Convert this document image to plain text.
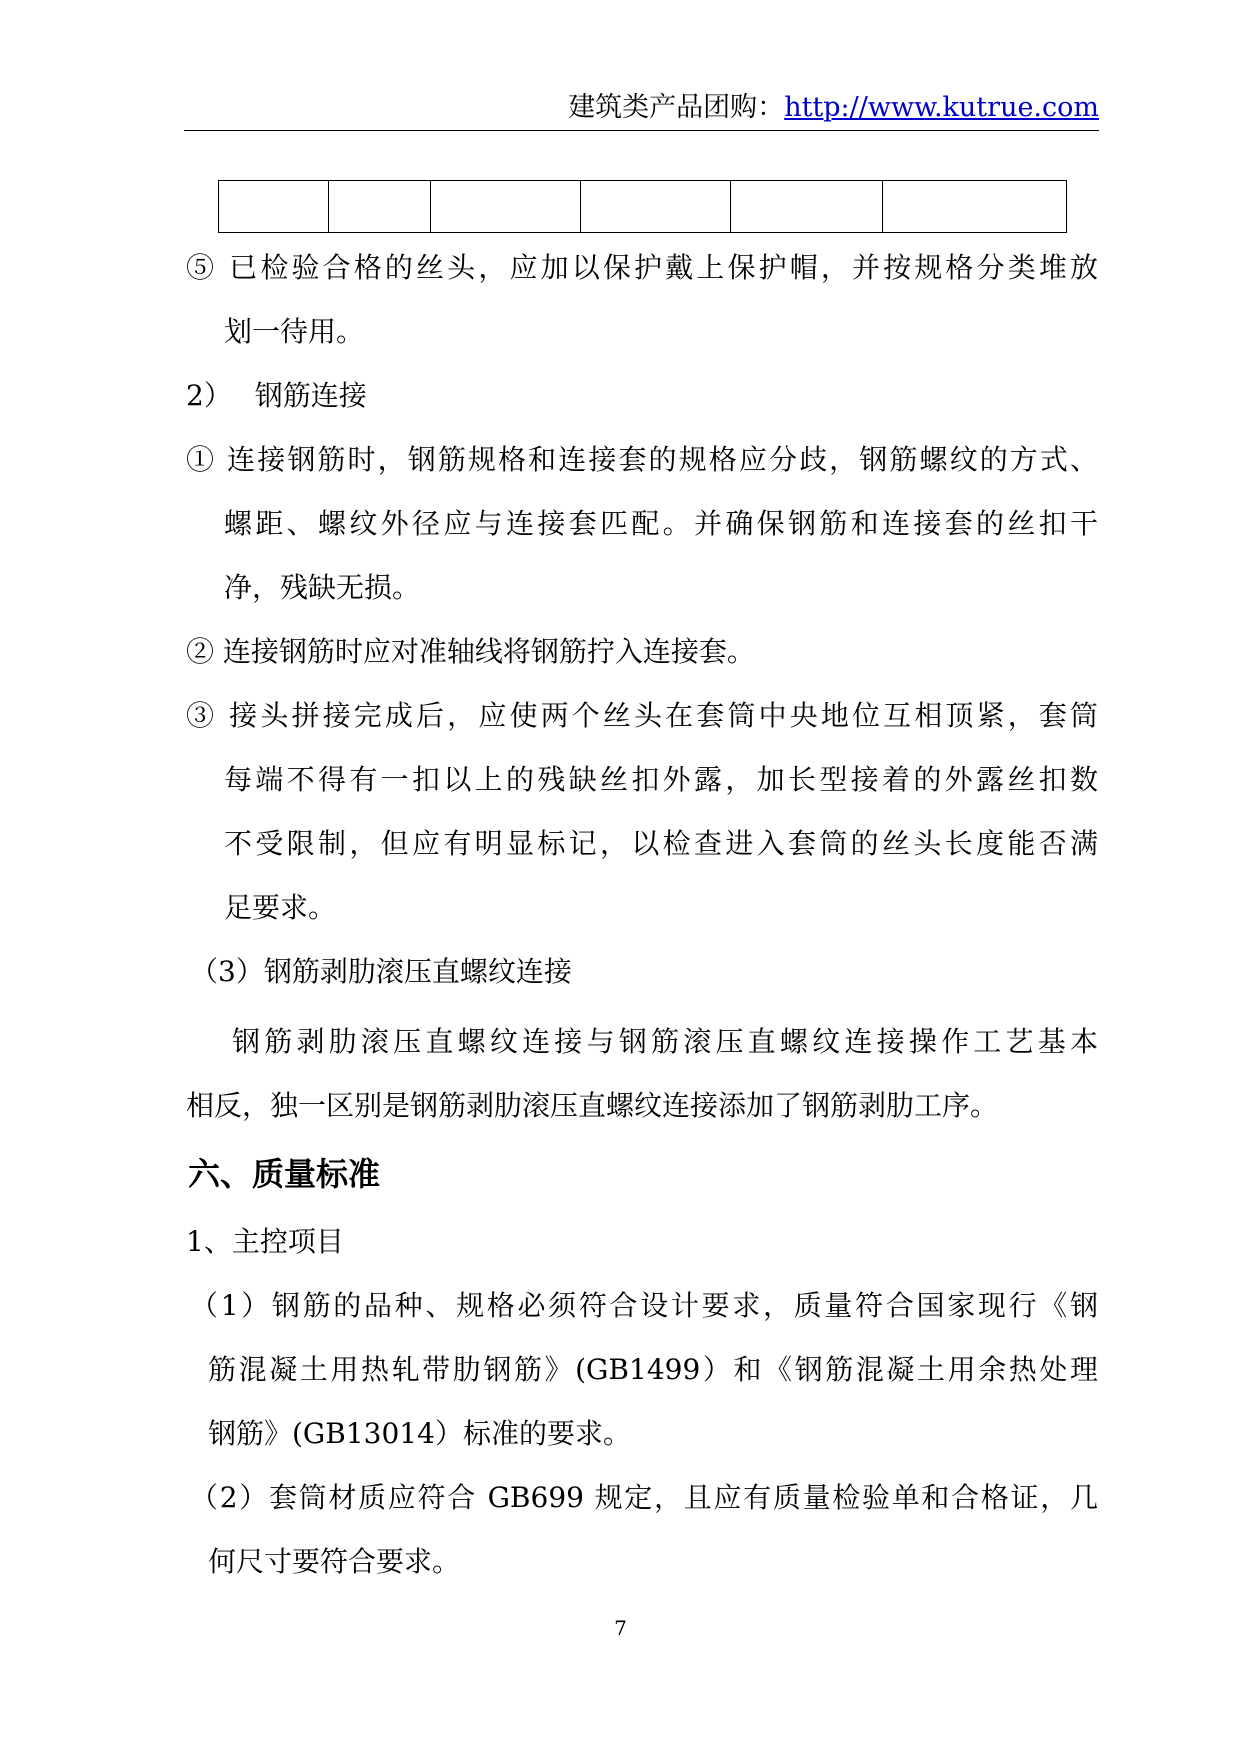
建筑类产品团购：http://www.kutrue.com

⑤ 已检验合格的丝头，应加以保护戴上保护帽，并按规格分类堆放
划一待用。
2）　 钢筋连接
① 连接钢筋时，钢筋规格和连接套的规格应分歧，钢筋螺纹的方式、
螺距、螺纹外径应与连接套匹配。并确保钢筋和连接套的丝扣干
净，残缺无损。
② 连接钢筋时应对准轴线将钢筋拧入连接套。
③ 接头拼接完成后，应使两个丝头在套筒中央地位互相顶紧，套筒
每端不得有一扣以上的残缺丝扣外露，加长型接着的外露丝扣数
不受限制，但应有明显标记，以检查进入套筒的丝头长度能否满
足要求。
（3）钢筋剥肋滚压直螺纹连接
钢筋剥肋滚压直螺纹连接与钢筋滚压直螺纹连接操作工艺基本
相反，独一区别是钢筋剥肋滚压直螺纹连接添加了钢筋剥肋工序。
六、质量标准
1、主控项目
（1）钢筋的品种、规格必须符合设计要求，质量符合国家现行《钢
筋混凝土用热轧带肋钢筋》(GB1499）和《钢筋混凝土用余热处理
钢筋》(GB13014）标准的要求。
（2）套筒材质应符合 GB699 规定，且应有质量检验单和合格证，几
何尺寸要符合要求。
7
